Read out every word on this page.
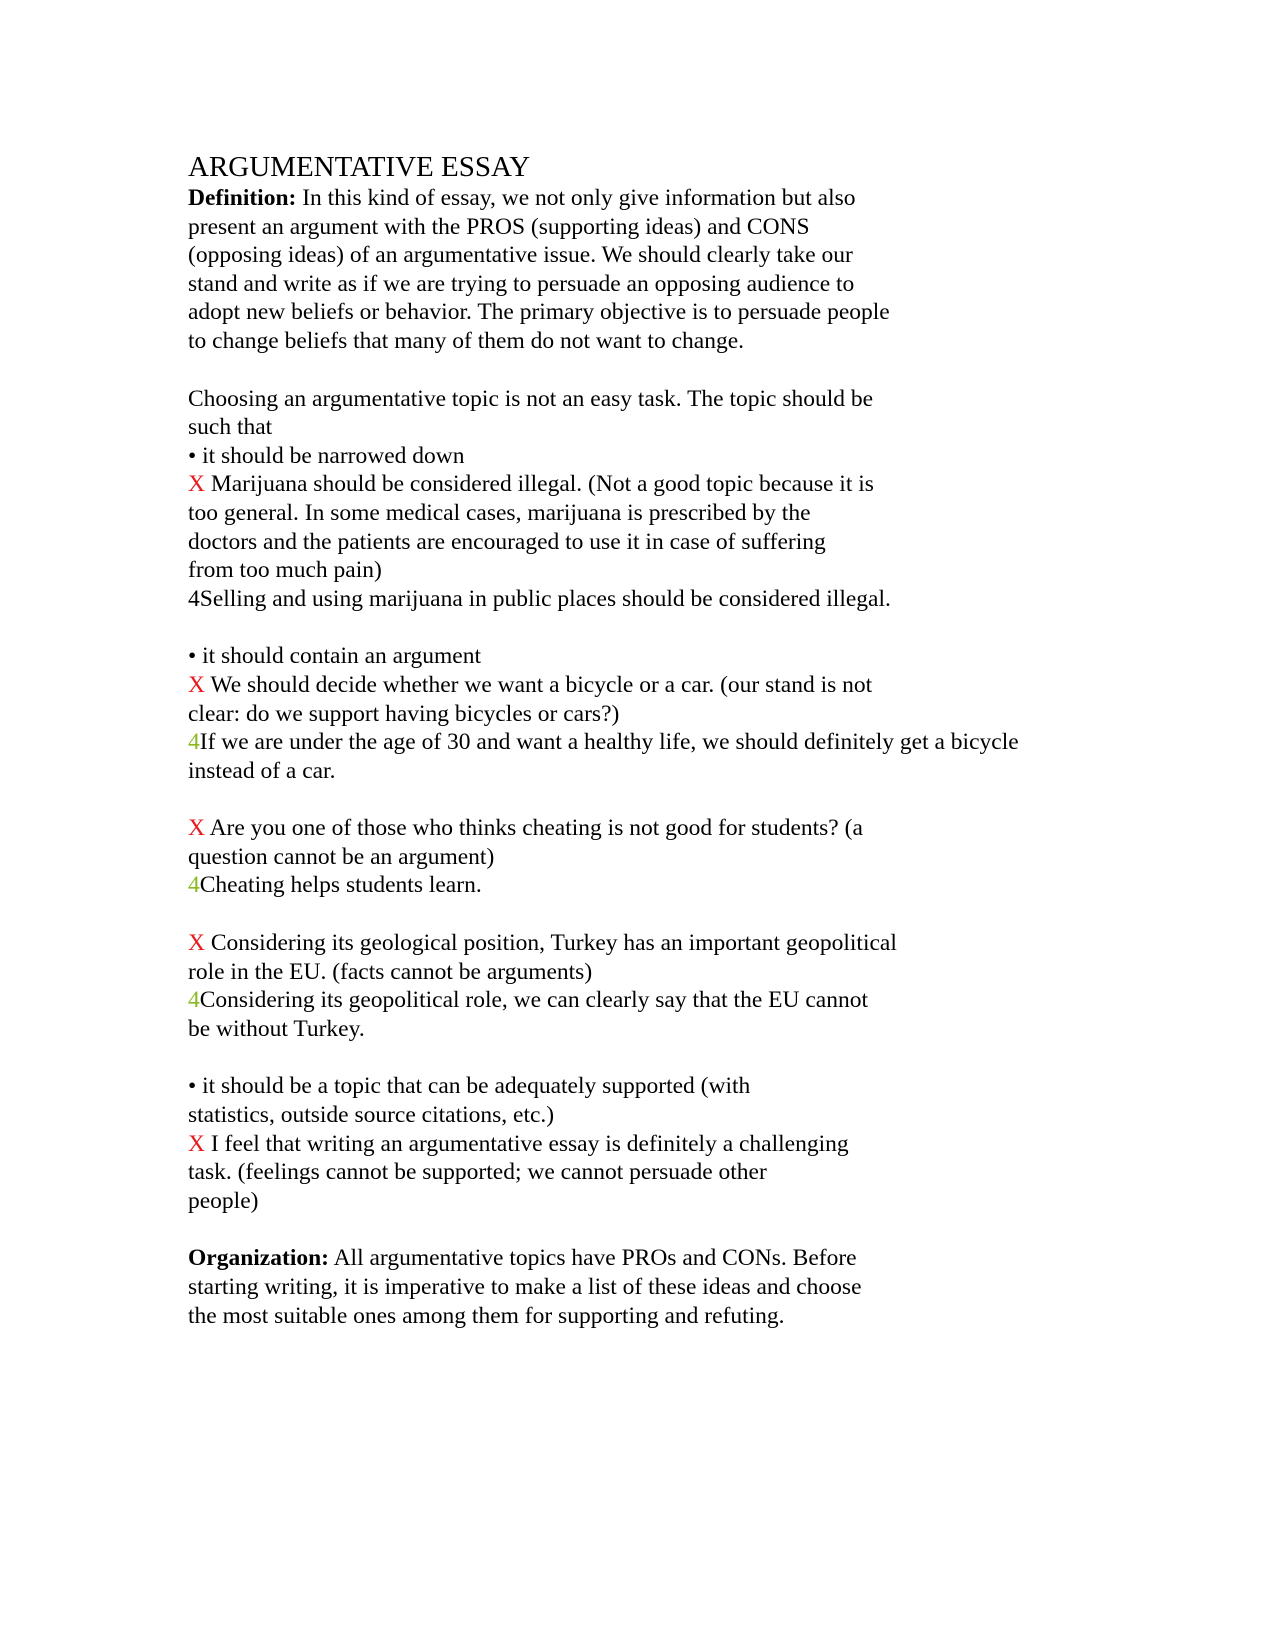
ARGUMENTATIVE ESSAY
Definition: In this kind of essay, we not only give information but also
present an argument with the PROS (supporting ideas) and CONS
(opposing ideas) of an argumentative issue. We should clearly take our
stand and write as if we are trying to persuade an opposing audience to
adopt new beliefs or behavior. The primary objective is to persuade people
to change beliefs that many of them do not want to change.
Choosing an argumentative topic is not an easy task. The topic should be
such that
• it should be narrowed down
X Marijuana should be considered illegal. (Not a good topic because it is
too general. In some medical cases, marijuana is prescribed by the
doctors and the patients are encouraged to use it in case of suffering
from too much pain)
4Selling and using marijuana in public places should be considered illegal.
• it should contain an argument
X We should decide whether we want a bicycle or a car. (our stand is not
clear: do we support having bicycles or cars?)
4If we are under the age of 30 and want a healthy life, we should definitely get a bicycle
instead of a car.
X Are you one of those who thinks cheating is not good for students? (a
question cannot be an argument)
4Cheating helps students learn.
X Considering its geological position, Turkey has an important geopolitical
role in the EU. (facts cannot be arguments)
4Considering its geopolitical role, we can clearly say that the EU cannot
be without Turkey.
• it should be a topic that can be adequately supported (with
statistics, outside source citations, etc.)
X I feel that writing an argumentative essay is definitely a challenging
task. (feelings cannot be supported; we cannot persuade other
people)
Organization: All argumentative topics have PROs and CONs. Before
starting writing, it is imperative to make a list of these ideas and choose
the most suitable ones among them for supporting and refuting.
